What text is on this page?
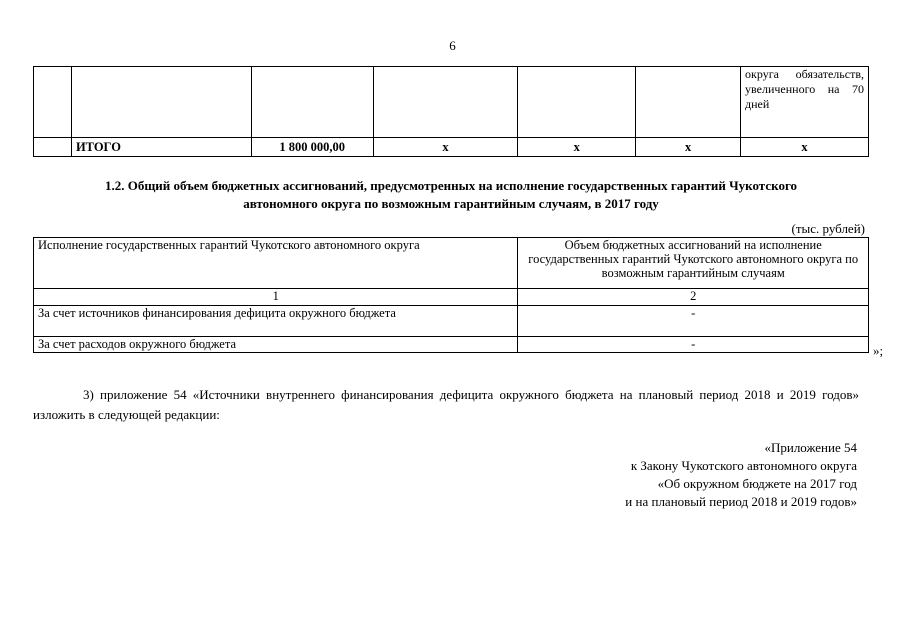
6
						округа обязательств, увеличенного на 70 дней
	ИТОГО	1 800 000,00	х	х	х	х
1.2. Общий объем бюджетных ассигнований, предусмотренных на исполнение государственных гарантий Чукотского
автономного округа по возможным гарантийным случаям, в 2017 году
(тыс. рублей)
Исполнение государственных гарантий Чукотского автономного округа	Объем бюджетных ассигнований на исполнение государственных гарантий Чукотского автономного округа по возможным гарантийным случаям
1	2
За счет источников финансирования дефицита окружного бюджета	-
За счет расходов окружного бюджета	-	»;
3) приложение 54 «Источники внутреннего финансирования дефицита окружного бюджета на плановый период 2018 и 2019 годов» изложить в следующей редакции:
«Приложение 54
к Закону Чукотского автономного округа
«Об окружном бюджете на 2017 год
и на плановый период 2018 и 2019 годов»
